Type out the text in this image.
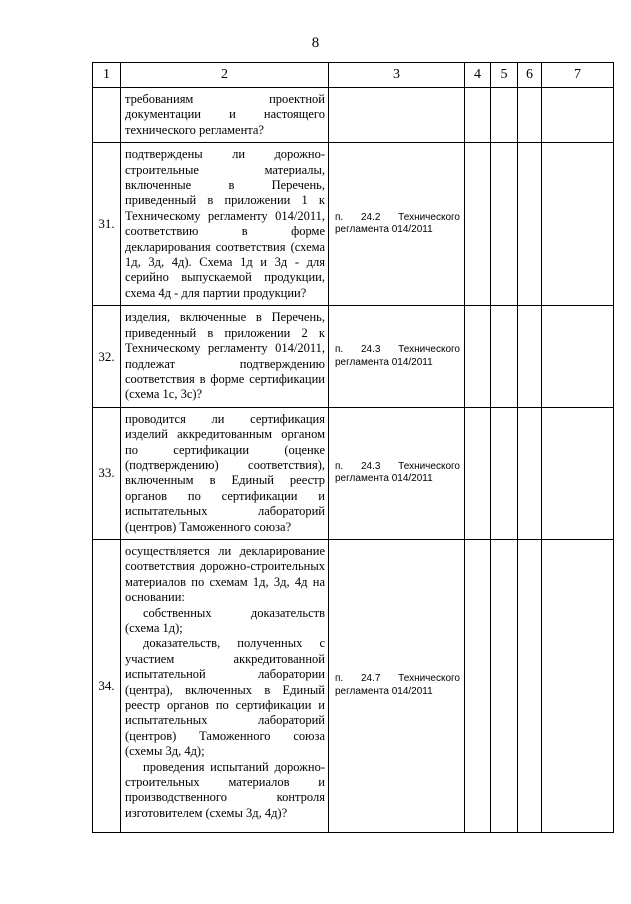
8
1	2	3	4	5	6	7

	требованиям проектной документации и настоящего технического регламента?					

31.	подтверждены ли дорожно-строительные материалы, включенные в Перечень, приведенный в приложении 1 к Техническому регламенту 014/2011, соответствию в форме декларирования соответствия (схема 1д, 3д, 4д). Схема 1д и 3д - для серийно выпускаемой продукции, схема 4д - для партии продукции?	п. 24.2 Технического регламента 014/2011				
32.	изделия, включенные в Перечень, приведенный в приложении 2 к Техническому регламенту 014/2011, подлежат подтверждению соответствия в форме сертификации (схема 1с, 3с)?	п. 24.3 Технического регламента 014/2011				
33.	проводится ли сертификация изделий аккредитованным органом по сертификации (оценке (подтверждению) соответствия), включенным в Единый реестр органов по сертификации и испытательных лабораторий (центров) Таможенного союза?	п. 24.3 Технического регламента 014/2011				
34.	осуществляется ли декларирование соответствия дорожно-строительных материалов по схемам 1д, 3д, 4д на основании:

собственных доказательств (схема 1д);

доказательств, полученных с участием аккредитованной испытательной лаборатории (центра), включенных в Единый реестр органов по сертификации и испытательных лабораторий (центров) Таможенного союза (схемы 3д, 4д);

проведения испытаний дорожно-строительных материалов и производственного контроля изготовителем (схемы 3д, 4д)?	п. 24.7 Технического регламента 014/2011				
